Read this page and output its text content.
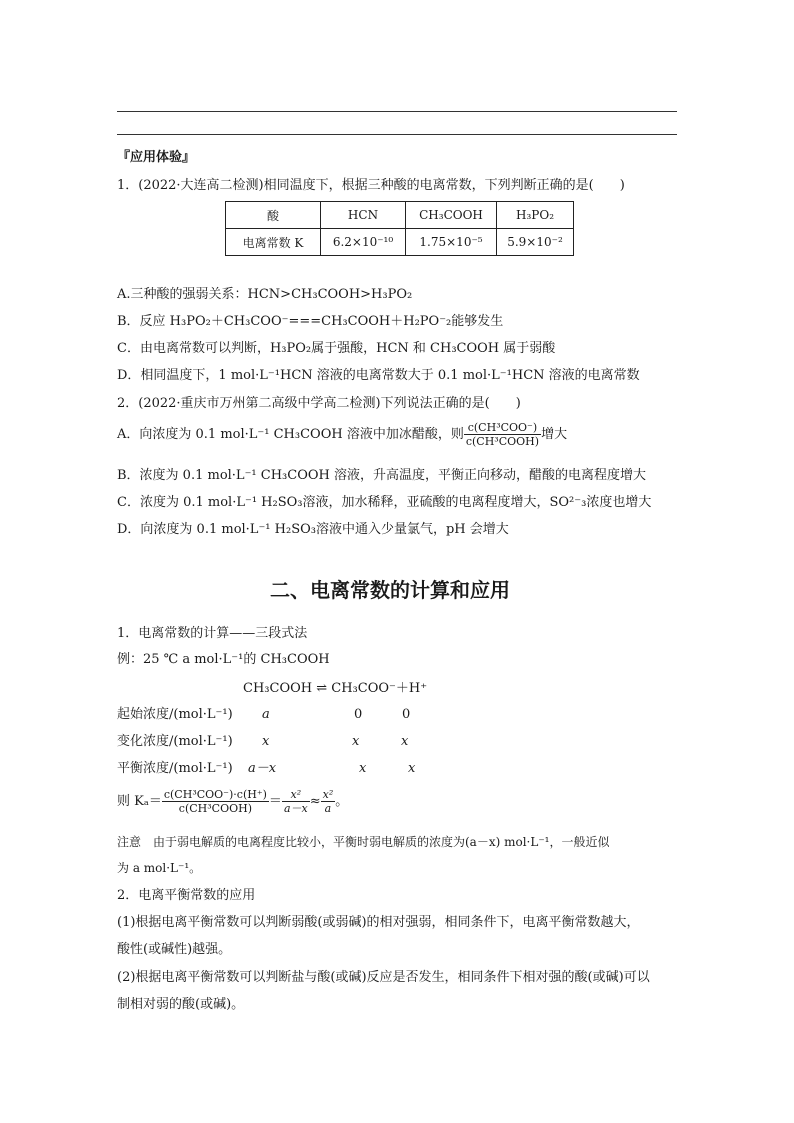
『应用体验』
1．(2022·大连高二检测)相同温度下，根据三种酸的电离常数，下列判断正确的是(　　)
酸	HCN	CH₃COOH	H₃PO₂
电离常数 K	6.2×10⁻¹⁰	1.75×10⁻⁵	5.9×10⁻²
A.三种酸的强弱关系：HCN>CH₃COOH>H₃PO₂
B．反应 H₃PO₂＋CH₃COO⁻===CH₃COOH＋H₂PO⁻₂能够发生
C．由电离常数可以判断，H₃PO₂属于强酸，HCN 和 CH₃COOH 属于弱酸
D．相同温度下，1 mol·L⁻¹HCN 溶液的电离常数大于 0.1 mol·L⁻¹HCN 溶液的电离常数
2．(2022·重庆市万州第二高级中学高二检测)下列说法正确的是(　　)
A．向浓度为 0.1 mol·L⁻¹ CH₃COOH 溶液中加冰醋酸，则 $\frac{\text{c(CH³COO⁻)}}{\text{c(CH³COOH)}}$ 增大
B．浓度为 0.1 mol·L⁻¹ CH₃COOH 溶液，升高温度，平衡正向移动，醋酸的电离程度增大
C．浓度为 0.1 mol·L⁻¹ H₂SO₃溶液，加水稀释，亚硫酸的电离程度增大，SO²⁻₃浓度也增大
D．向浓度为 0.1 mol·L⁻¹ H₂SO₃溶液中通入少量氯气，pH 会增大
二、电离常数的计算和应用
1．电离常数的计算——三段式法
例：25 ℃ a mol·L⁻¹的 CH₃COOH
CH₃COOH ⇌ CH₃COO⁻＋H⁺
起始浓度/(mol·L⁻¹) a	0	0
变化浓度/(mol·L⁻¹) x	x	x
平衡浓度/(mol·L⁻¹) a－x	x	x
则 $K_a= \frac{\text{c(CH³COO⁻)·c(H⁺)}}{\text{c(CH³COOH)}} = \frac{\text{x²}}{a-x} \approx \frac{\text{x²}}{a}$ 。
注意　由于弱电解质的电离程度比较小，平衡时弱电解质的浓度为(a－x) mol·L⁻¹，一般近似
为 a mol·L⁻¹。
2．电离平衡常数的应用
(1)根据电离平衡常数可以判断弱酸(或弱碱)的相对强弱，相同条件下，电离平衡常数越大，
酸性(或碱性)越强。
(2)根据电离平衡常数可以判断盐与酸(或碱)反应是否发生，相同条件下相对强的酸(或碱)可以
制相对弱的酸(或碱)。
